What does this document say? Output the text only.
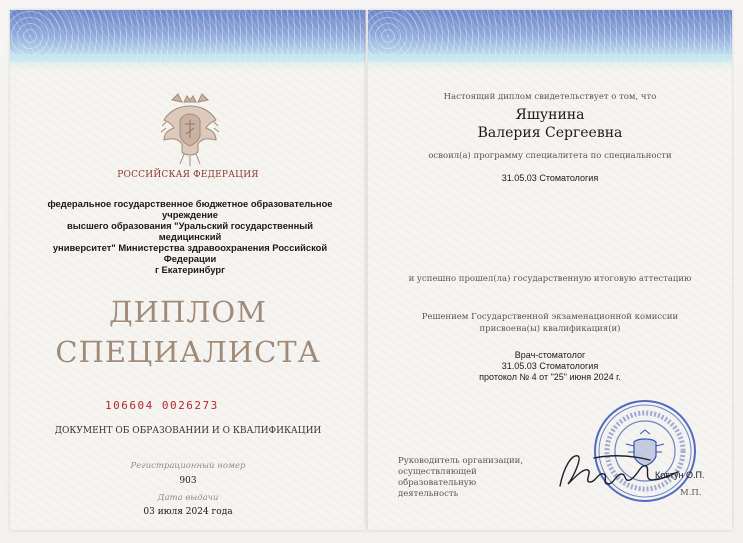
РОССИЙСКАЯ ФЕДЕРАЦИЯ
федеральное государственное бюджетное образовательное учреждение
высшего образования "Уральский государственный медицинский
университет" Министерства здравоохранения Российской Федерации
г Екатеринбург
ДИПЛОМ
СПЕЦИАЛИСТА
106604 0026273
ДОКУМЕНТ ОБ ОБРАЗОВАНИИ И О КВАЛИФИКАЦИИ
Регистрационный номер
903
Дата выдачи
03 июля 2024 года
Настоящий диплом свидетельствует о том, что
Яшунина
Валерия Сергеевна
освоил(а) программу специалитета по специальности
31.05.03 Стоматология
и успешно прошел(ла) государственную итоговую аттестацию
Решением Государственной экзаменационной комиссии
присвоена(ы) квалификация(и)
Врач-стоматолог
31.05.03 Стоматология
протокол № 4 от "25" июня 2024 г.
Руководитель организации,
осуществляющей образовательную
деятельность
Ковтун О.П.
М.П.
